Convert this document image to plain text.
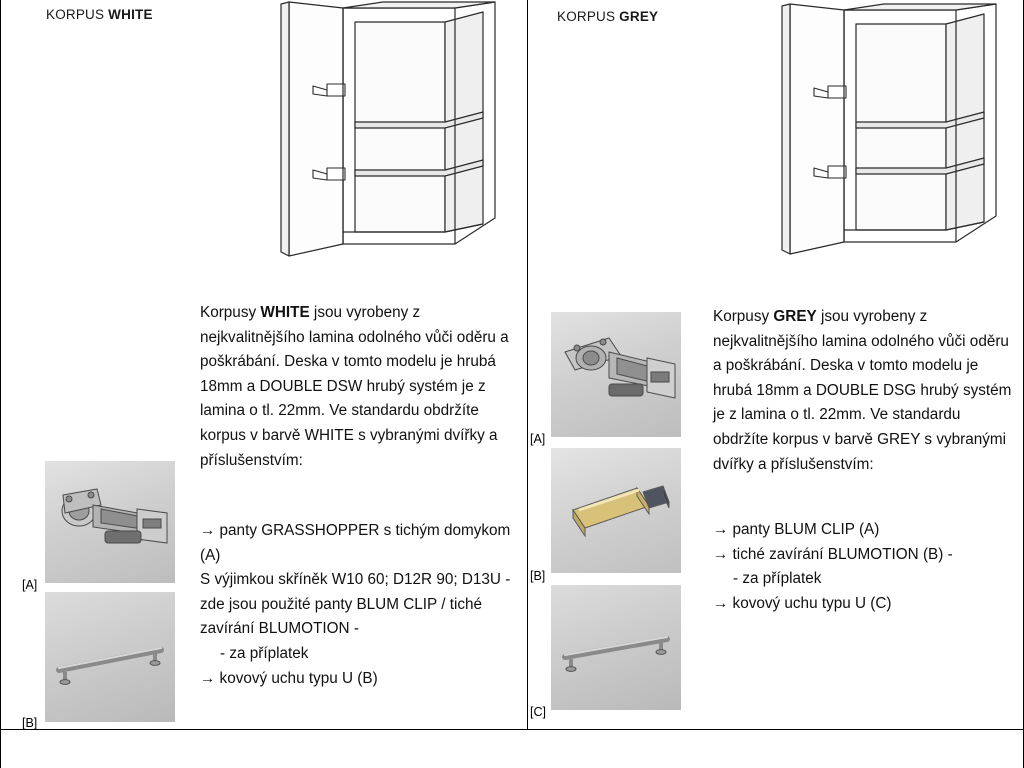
KORPUS WHITE
Korpusy WHITE jsou vyrobeny z nejkvalitnějšího lamina odolného vůči oděru a poškrábání. Deska v tomto modelu je hrubá 18mm a DOUBLE DSW hrubý systém je z lamina o tl. 22mm. Ve standardu obdržíte korpus v barvě WHITE s vybranými dvířky a příslušenstvím:
→ panty GRASSHOPPER s tichým domykom (A)
S výjimkou skříněk W10 60; D12R 90; D13U - zde jsou použité panty BLUM CLIP / tiché zavírání BLUMOTION -
- za příplatek
→ kovový uchu typu U (B)
[A]
[B]
KORPUS GREY
Korpusy GREY jsou vyrobeny z nejkvalitnějšího lamina odolného vůči oděru a poškrábání. Deska v tomto modelu je hrubá 18mm a DOUBLE DSG hrubý systém je z lamina o tl. 22mm. Ve standardu obdržíte korpus v barvě GREY s vybranými dvířky a příslušenstvím:
→ panty BLUM CLIP (A)
→ tiché zavírání BLUMOTION (B) -
- za příplatek
→ kovový uchu typu U (C)
[A]
[B]
[C]
